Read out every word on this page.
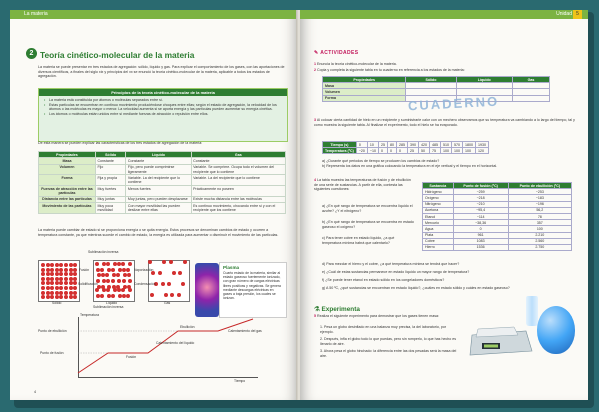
La materia
2 Teoría cinético-molecular de la materia
La materia se puede presentar en tres estados de agregación: sólido, líquido y gas. Para explicar el comportamiento de los gases, con las aportaciones de diversos científicos, a finales del siglo xix y principios del xx se enunció la teoría cinético-molecular de la materia, aplicable a todos los estados de agregación.
Principios de la teoría cinético-molecular de la materia
• La materia está constituida por átomos o moléculas separados entre sí.
• Estas partículas se encuentran en continuo movimiento produciéndose choques entre ellas; según el estado de agregación, la velocidad de los átomos o las moléculas es mayor o menor. La velocidad aumenta si se aporta energía y las partículas pueden aumentar su energía cinética.
• Los átomos o moléculas están unidos entre sí mediante fuerzas de atracción o repulsión entre ellos.
De esta manera se pueden explicar las características de los tres estados de agregación de la materia:
Propiedades	Sólido	Líquido	Gas
Masa	Constante	Constante	Constante
Volumen	Fijo	Fijo, pero puede comprimirse ligeramente	Variable. Se comprime. Ocupa todo el volumen del recipiente que lo contiene
Forma	Fija y propia	Variable. La del recipiente que lo contiene	Variable. La del recipiente que lo contiene
Fuerzas de atracción entre las partículas	Muy fuertes	Menos fuertes	Prácticamente no poseen
Distancia entre las partículas	Muy juntas	Muy juntas, pero pueden desplazarse	Existe mucha distancia entre las moléculas
Movimiento de las partículas	Muy poca movilidad	Con mayor movilidad las pueden deslizar entre ellas	Es continuo movimiento, chocando entre sí y con el recipiente que los contiene
La materia puede cambiar de estado si se proporciona energía o se quita energía. Estos procesos se denominan cambios de estado y ocurren a temperatura constante, ya que mientras sucede el cambio de estado, la energía es utilizada para aumentar o disminuir el movimiento de las partículas.
Sublimación inversa
Fusión	Vaporización
Solidificación	Condensación
Sólido	Líquido	Gas
Sublimación inversa
Plasma
Cuarto estado de la materia, similar al estado gaseoso fuertemente ionizado, con gran número de cargas eléctricas libres positivas y negativas. Se genera mediante descargas eléctricas en gases a baja presión, los cuales se ionizan.
Temperatura
Tiempo
Punto de ebullición
Punto de fusión
Fusión
Ebullición
Calentamiento del líquido
Calentamiento del gas
4
Unidad 5
✎ ACTIVIDADES
1 Enuncia la teoría cinético-molecular de la materia.
2 Copia y completa la siguiente tabla en tu cuaderno en referencia a los estados de la materia:
Propiedades	Sólido	Líquido	Gas
Masa			
Volumen			
Forma				CUADERNO
3 Al colocar cierta cantidad de hielo en un recipiente y suministrarle calor con un mechero observamos que su temperatura va cambiando a lo largo del tiempo, tal y como muestra la siguiente tabla. Al finalizar el experimento, todo el hielo se ha evaporado.
Tiempo (s)	0	10	25	80	285	390	420	485	510	570	1800	1930
Temperatura (ºC)	−20	−10	0	0	0	25	50	75	100	100	100	120
a) ¿Durante qué periodos de tiempo se producen los cambios de estado?
b) Representa los datos en una gráfica colocando la temperatura en el eje vertical y el tiempo en el horizontal.
4 La tabla muestra las temperaturas de fusión y de ebullición de una serie de sustancias. A partir de ella, contesta las siguientes cuestiones:
a) ¿En qué rango de temperatura se encuentra líquido el azufre? ¿Y el nitrógeno?
b) ¿En qué rango de temperatura se encuentra en estado gaseoso el oxígeno?
c) Para tener cobre en estado líquido, ¿a qué temperatura mínima habrá que calentarlo?
d) Para mezclar el hierro y el cobre, ¿a qué temperatura mínima se tendrá que hacer?
e) ¿Cuál de estas sustancias permanece en estado líquido un mayor rango de temperatura?
f) ¿Se puede tener etanol en estado sólido en los congeladores domésticos?
g) A 50 ºC, ¿qué sustancias se encuentran en estado líquido?, ¿cuáles en estado sólido y cuáles en estado gaseoso?
Sustancia	Punto de fusión (ºC)	Punto de ebullición (ºC)
Hidrógeno	−259	−253
Oxígeno	−218	−183
Nitrógeno	−210	−196
Acetona	−95,4	56,2
Etanol	−114	78
Mercurio	−38,36	357
Agua	0	100
Plata	961	2.210
Cobre	1083	2.560
Hierro	1536	2.750
⚗ Experimenta
5 Realiza el siguiente experimento para demostrar que los gases tienen masa:
1. Pesa un globo desinflado en una balanza muy precisa, la del laboratorio, por ejemplo.
2. Después, infla el globo todo lo que puedas, pero sin romperlo, lo que has hecho es llenarlo de aire.
3. Ahora pesa el globo hinchado: la diferencia entre las dos pesadas será la masa del aire.
